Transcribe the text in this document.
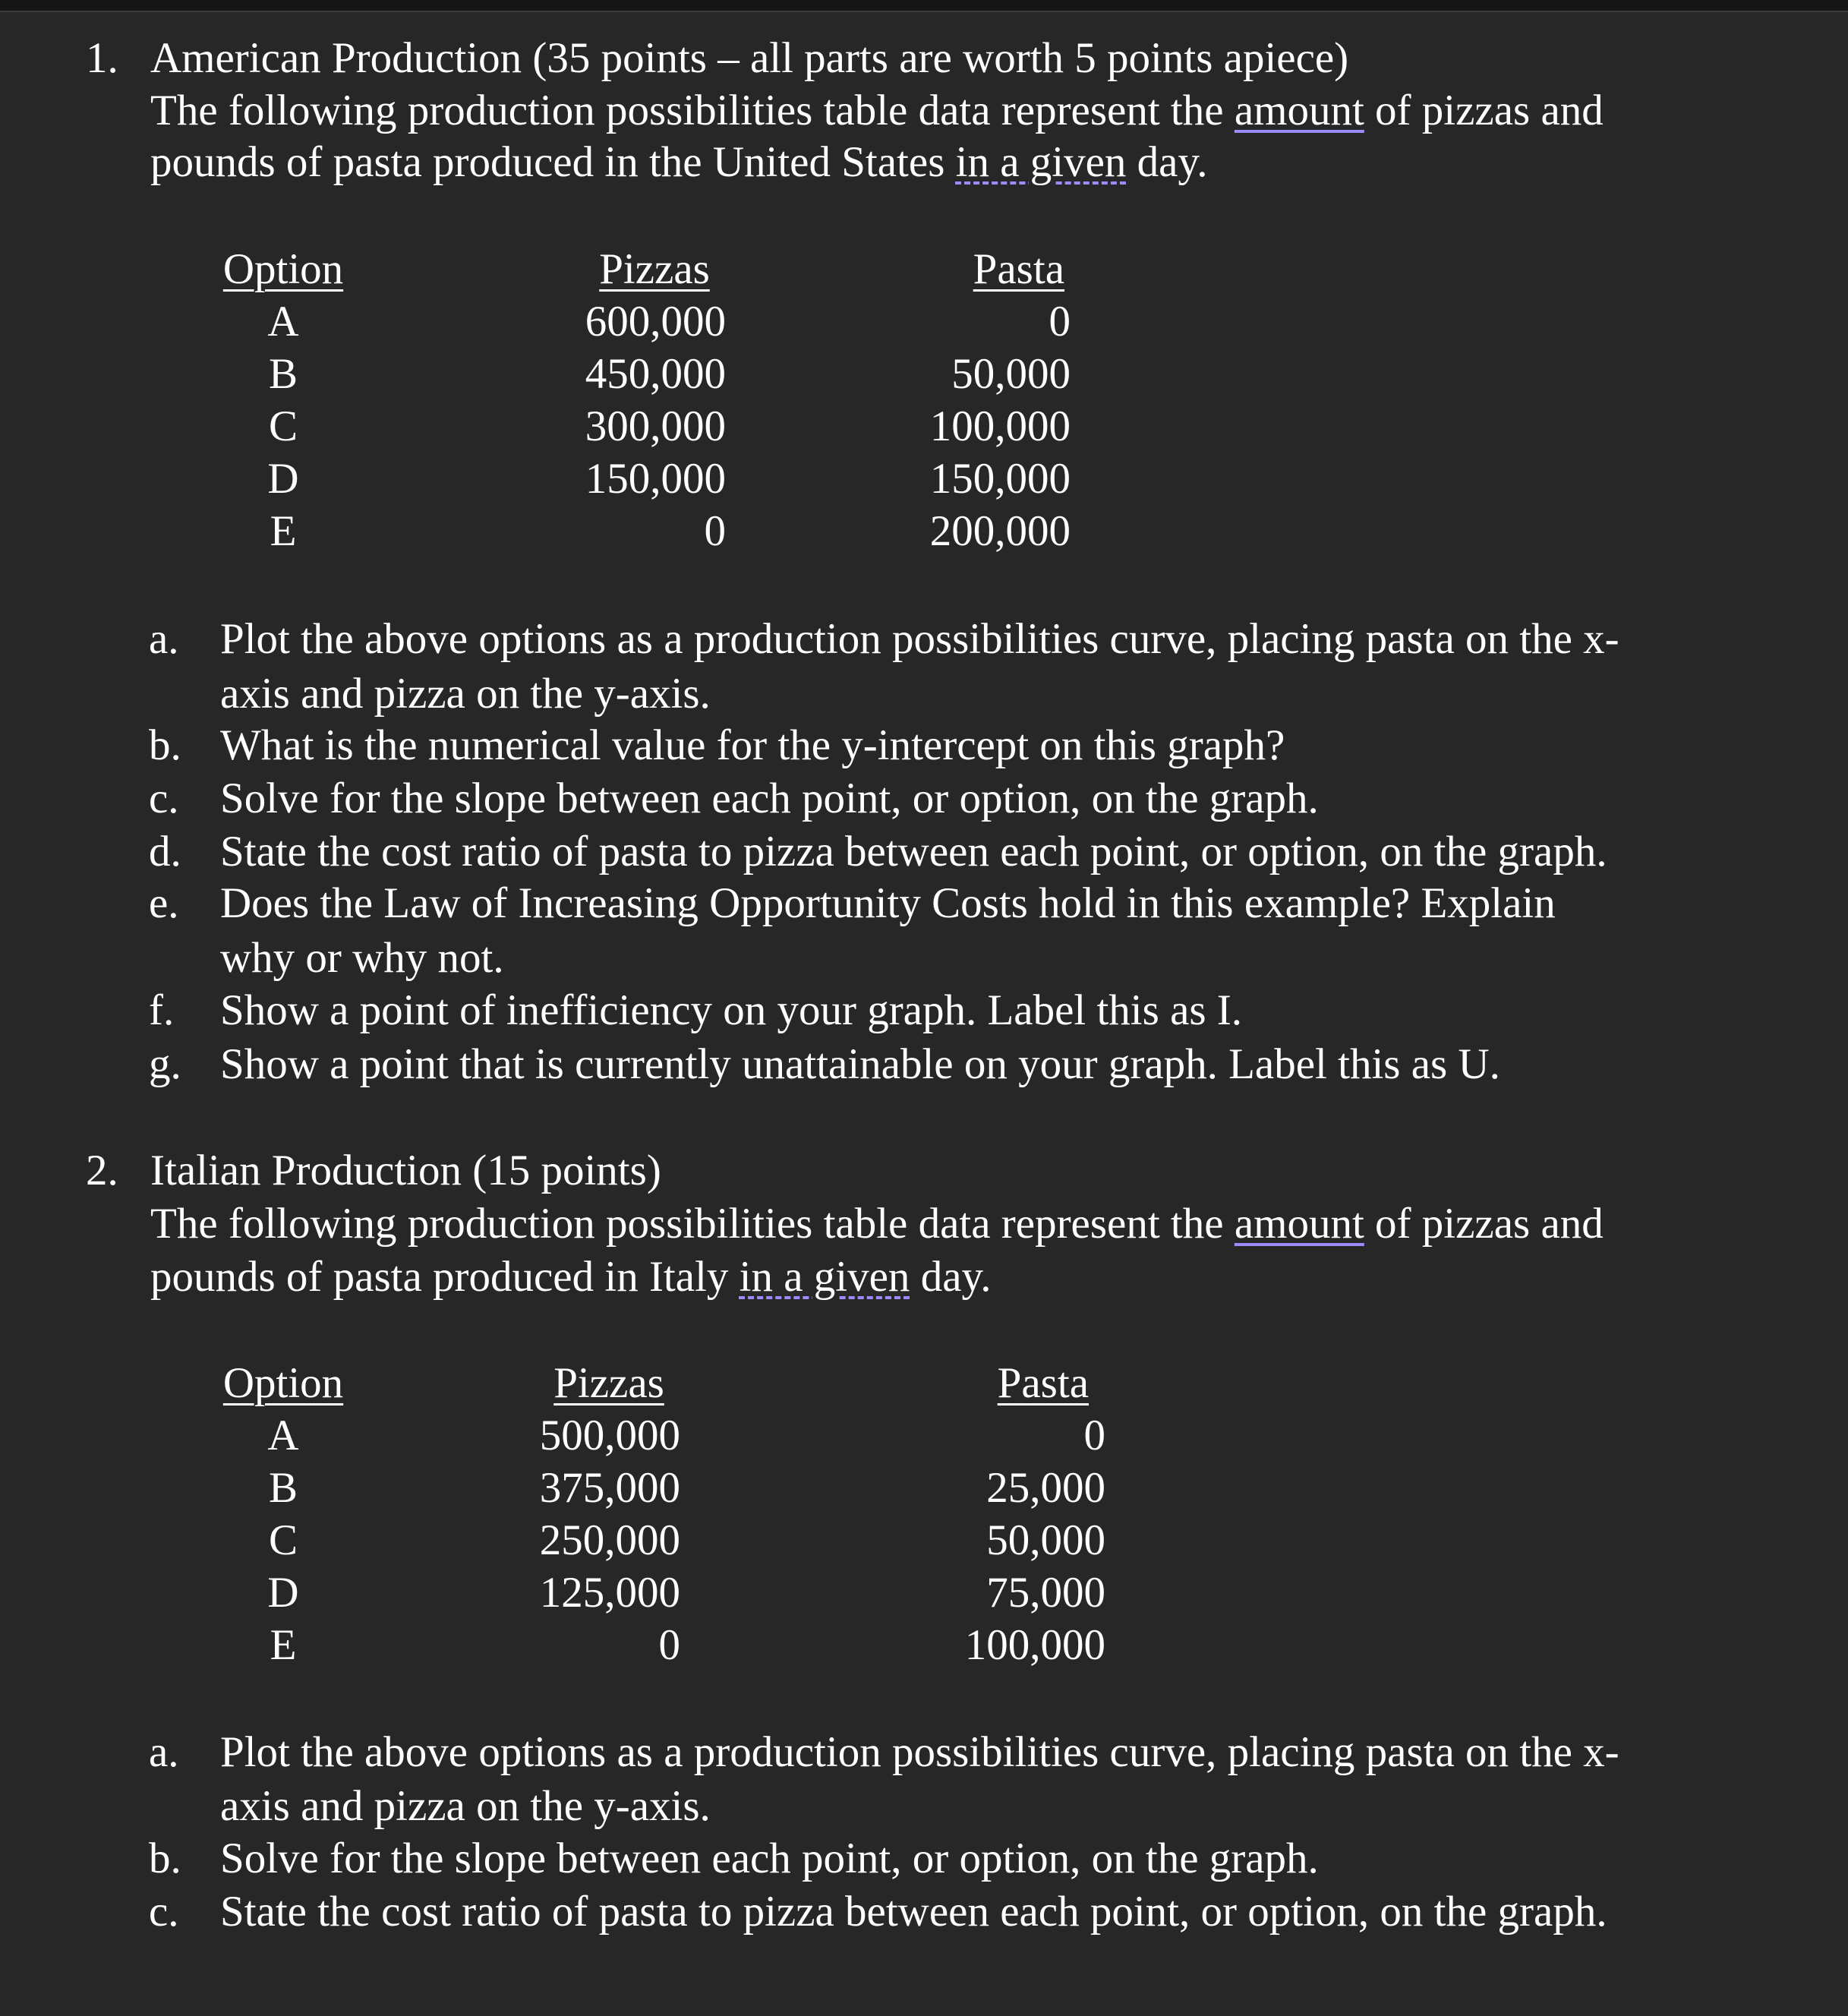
1. American Production (35 points – all parts are worth 5 points apiece)
The following production possibilities table data represent the amount of pizzas and
pounds of pasta produced in the United States in a given day.
Option
A
B
C
D
E
Pizzas
600,000
450,000
300,000
150,000
0
Pasta
0
50,000
100,000
150,000
200,000
a. Plot the above options as a production possibilities curve, placing pasta on the x-
axis and pizza on the y-axis.
b. What is the numerical value for the y-intercept on this graph?
c. Solve for the slope between each point, or option, on the graph.
d. State the cost ratio of pasta to pizza between each point, or option, on the graph.
e. Does the Law of Increasing Opportunity Costs hold in this example? Explain
why or why not.
f. Show a point of inefficiency on your graph. Label this as I.
g. Show a point that is currently unattainable on your graph. Label this as U.
2. Italian Production (15 points)
The following production possibilities table data represent the amount of pizzas and
pounds of pasta produced in Italy in a given day.
Option
A
B
C
D
E
Pizzas
500,000
375,000
250,000
125,000
0
Pasta
0
25,000
50,000
75,000
100,000
a. Plot the above options as a production possibilities curve, placing pasta on the x-
axis and pizza on the y-axis.
b. Solve for the slope between each point, or option, on the graph.
c. State the cost ratio of pasta to pizza between each point, or option, on the graph.
